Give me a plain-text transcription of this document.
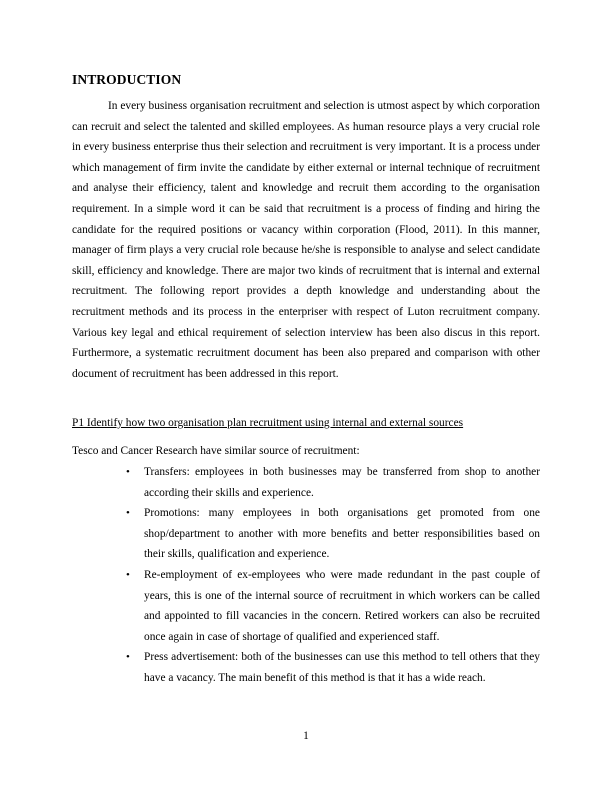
INTRODUCTION

In every business organisation recruitment and selection is utmost aspect by which corporation can recruit and select the talented and skilled employees. As human resource plays a very crucial role in every business enterprise thus their selection and recruitment is very important. It is a process under which management of firm invite the candidate by either external or internal technique of recruitment and analyse their efficiency, talent and knowledge and recruit them according to the organisation requirement. In a simple word it can be said that recruitment is a process of finding and hiring the candidate for the required positions or vacancy within corporation (Flood, 2011). In this manner, manager of firm plays a very crucial role because he/she is responsible to analyse and select candidate skill, efficiency and knowledge. There are major two kinds of recruitment that is internal and external recruitment. The following report provides a depth knowledge and understanding about the recruitment methods and its process in the enterpriser with respect of Luton recruitment company. Various key legal and ethical requirement of selection interview has been also discus in this report. Furthermore, a systematic recruitment document has been also prepared and comparison with other document of recruitment has been addressed in this report.

P1 Identify how two organisation plan recruitment using internal and external sources
Tesco and Cancer Research have similar source of recruitment:
•	Transfers: employees in both businesses may be transferred from shop to another according their skills and experience.
•	Promotions: many employees in both organisations get promoted from one shop/department to another with more benefits and better responsibilities based on their skills, qualification and experience.
•	Re-employment of ex-employees who were made redundant in the past couple of years, this is one of the internal source of recruitment in which workers can be called and appointed to fill vacancies in the concern. Retired workers can also be recruited once again in case of shortage of qualified and experienced staff.
•	Press advertisement: both of the businesses can use this method to tell others that they have a vacancy. The main benefit of this method is that it has a wide reach.
1
